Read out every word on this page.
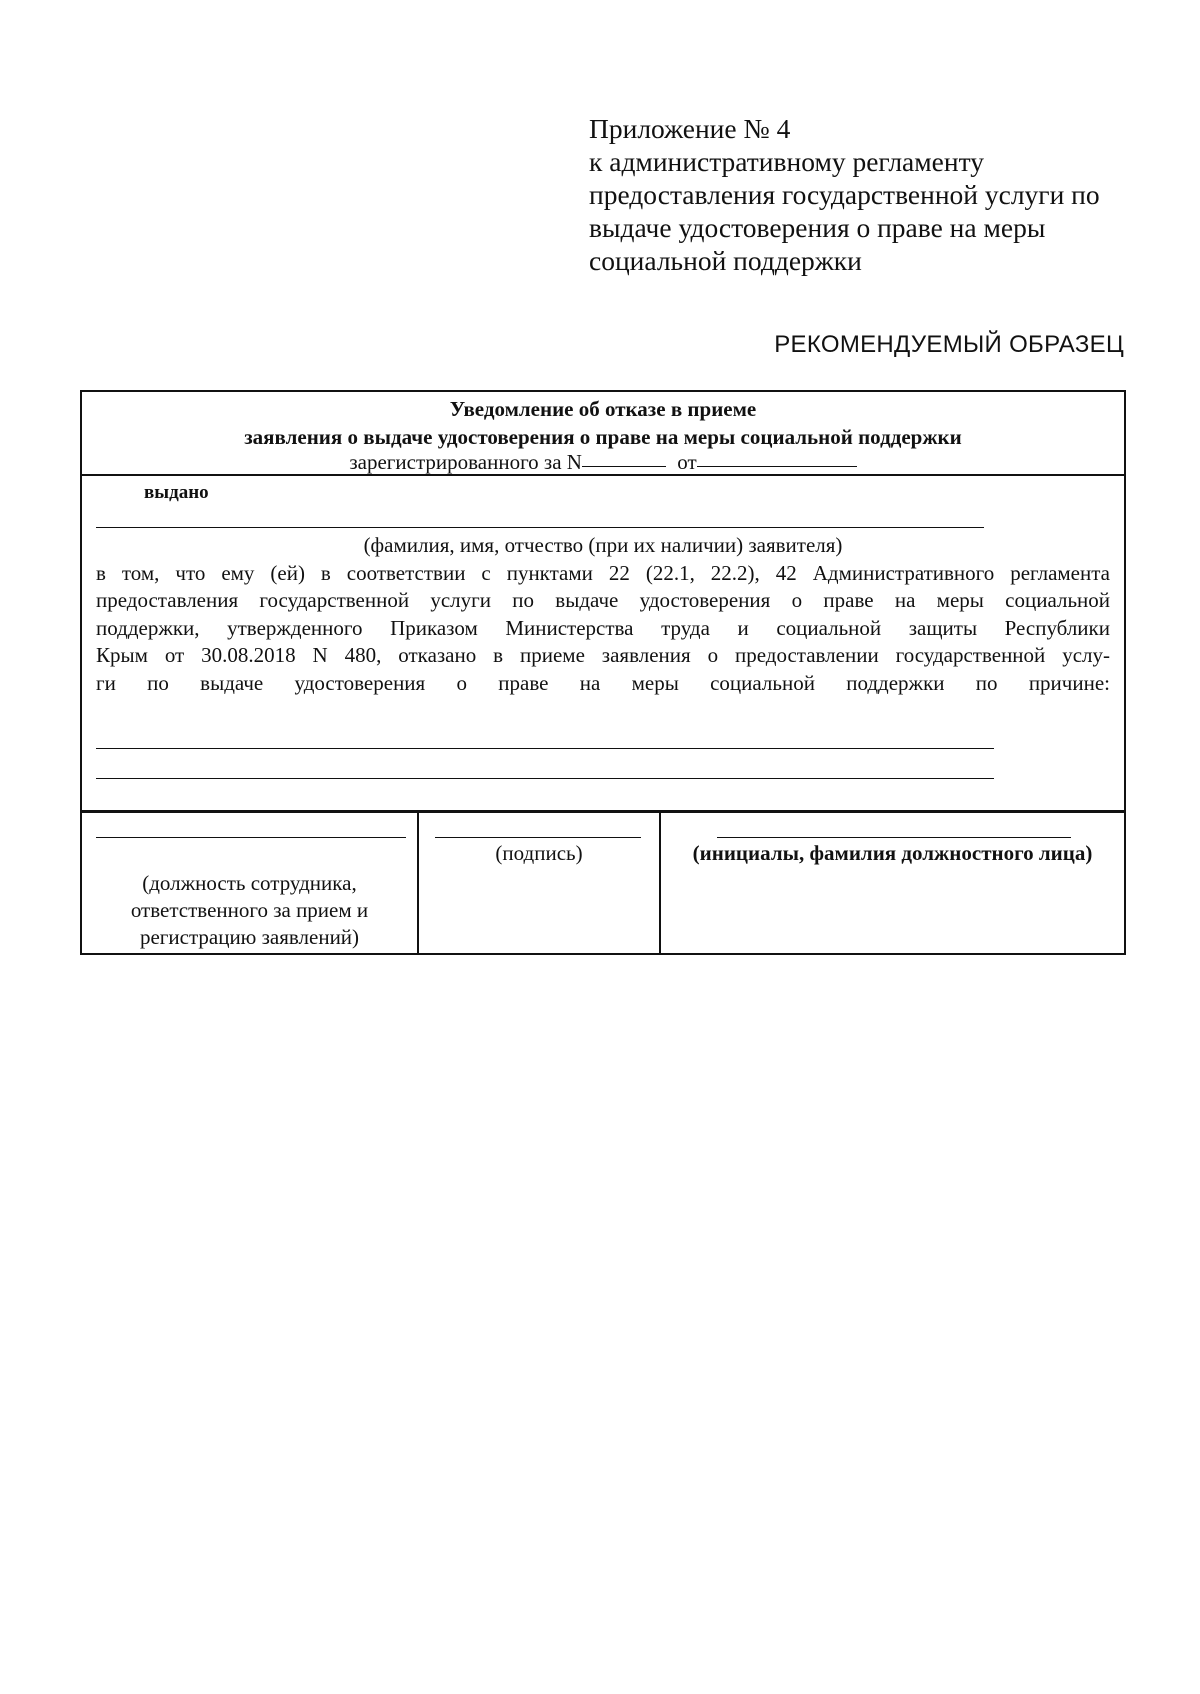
Приложение № 4
к административному регламенту
предоставления государственной услуги по
выдаче удостоверения о праве на меры
социальной поддержки
РЕКОМЕНДУЕМЫЙ ОБРАЗЕЦ
Уведомление об отказе в приеме
заявления о выдаче удостоверения о праве на меры социальной поддержки
зарегистрированного за N	от
выдано
(фамилия, имя, отчество (при их наличии) заявителя)
в том, что ему (ей) в соответствии с пунктами 22 (22.1, 22.2), 42 Административного регламента
предоставления государственной услуги по выдаче удостоверения о праве на меры социальной
поддержки, утвержденного Приказом Министерства труда и социальной защиты Республики
Крым от 30.08.2018 N 480, отказано в приеме заявления о предоставлении государственной услу-
ги по выдаче удостоверения о праве на меры социальной поддержки по причине:
(должность сотрудника,
ответственного за прием и
регистрацию заявлений)
(подпись)	(инициалы, фамилия должностного лица)
